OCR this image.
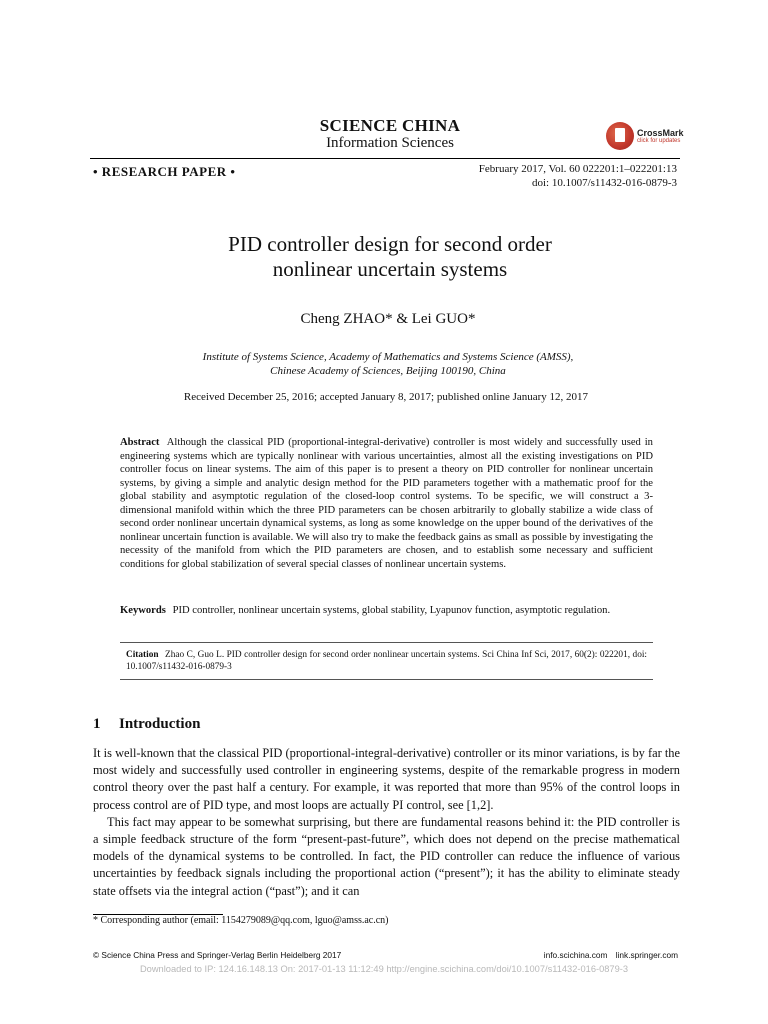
SCIENCE CHINA
Information Sciences
CrossMark
click for updates
• RESEARCH PAPER •	February 2017, Vol. 60 022201:1–022201:13
doi: 10.1007/s11432-016-0879-3
PID controller design for second order
nonlinear uncertain systems
Cheng ZHAO* & Lei GUO*
Institute of Systems Science, Academy of Mathematics and Systems Science (AMSS),
Chinese Academy of Sciences, Beijing 100190, China
Received December 25, 2016; accepted January 8, 2017; published online January 12, 2017
Abstract Although the classical PID (proportional-integral-derivative) controller is most widely and successfully used in engineering systems which are typically nonlinear with various uncertainties, almost all the existing investigations on PID controller focus on linear systems. The aim of this paper is to present a theory on PID controller for nonlinear uncertain systems, by giving a simple and analytic design method for the PID parameters together with a mathematic proof for the global stability and asymptotic regulation of the closed-loop control systems. To be specific, we will construct a 3-dimensional manifold within which the three PID parameters can be chosen arbitrarily to globally stabilize a wide class of second order nonlinear uncertain dynamical systems, as long as some knowledge on the upper bound of the derivatives of the nonlinear uncertain function is available. We will also try to make the feedback gains as small as possible by investigating the necessity of the manifold from which the PID parameters are chosen, and to establish some necessary and sufficient conditions for global stabilization of several special classes of nonlinear uncertain systems.
Keywords PID controller, nonlinear uncertain systems, global stability, Lyapunov function, asymptotic regulation.
Citation Zhao C, Guo L. PID controller design for second order nonlinear uncertain systems. Sci China Inf Sci, 2017, 60(2): 022201, doi: 10.1007/s11432-016-0879-3
1 Introduction

It is well-known that the classical PID (proportional-integral-derivative) controller or its minor variations, is by far the most widely and successfully used controller in engineering systems, despite of the remarkable progress in modern control theory over the past half a century. For example, it was reported that more than 95% of the control loops in process control are of PID type, and most loops are actually PI control, see [1,2].

This fact may appear to be somewhat surprising, but there are fundamental reasons behind it: the PID controller is a simple feedback structure of the form “present-past-future”, which does not depend on the precise mathematical models of the dynamical systems to be controlled. In fact, the PID controller can reduce the influence of various uncertainties by feedback signals including the proportional action (“present”); it has the ability to eliminate steady state offsets via the integral action (“past”); and it can

* Corresponding author (email: 1154279089@qq.com, lguo@amss.ac.cn)
© Science China Press and Springer-Verlag Berlin Heidelberg 2017	info.scichina.com link.springer.com
Downloaded to IP: 124.16.148.13 On: 2017-01-13 11:12:49 http://engine.scichina.com/doi/10.1007/s11432-016-0879-3
